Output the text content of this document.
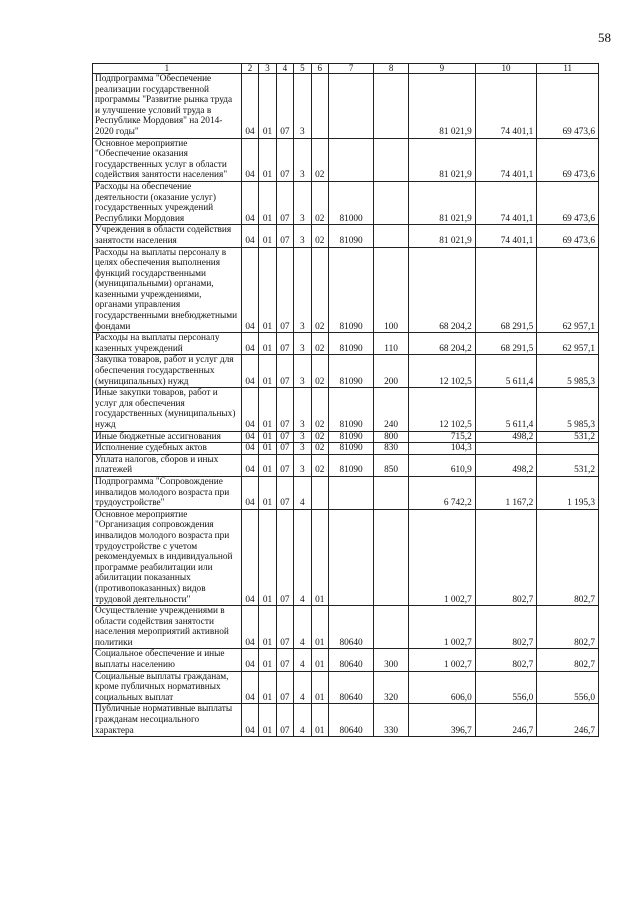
58
1	2	3	4	5	6	7	8	9	10	11
Подпрограмма "Обеспечение реализации государственной программы "Развитие рынка труда и улучшение условий труда в Республике Мордовия" на 2014-2020 годы"	04	01	07	3				81 021,9	74 401,1	69 473,6
Основное мероприятие "Обеспечение оказания государственных услуг в области содействия занятости населения"	04	01	07	3	02			81 021,9	74 401,1	69 473,6
Расходы на обеспечение деятельности (оказание услуг) государственных учреждений Республики Мордовия	04	01	07	3	02	81000		81 021,9	74 401,1	69 473,6
Учреждения в области содействия занятости населения	04	01	07	3	02	81090		81 021,9	74 401,1	69 473,6
Расходы на выплаты персоналу в целях обеспечения выполнения функций государственными (муниципальными) органами, казенными учреждениями, органами управления государственными внебюджетными фондами	04	01	07	3	02	81090	100	68 204,2	68 291,5	62 957,1
Расходы на выплаты персоналу казенных учреждений	04	01	07	3	02	81090	110	68 204,2	68 291,5	62 957,1
Закупка товаров, работ и услуг для обеспечения государственных (муниципальных) нужд	04	01	07	3	02	81090	200	12 102,5	5 611,4	5 985,3
Иные закупки товаров, работ и услуг для обеспечения государственных (муниципальных) нужд	04	01	07	3	02	81090	240	12 102,5	5 611,4	5 985,3
Иные бюджетные ассигнования	04	01	07	3	02	81090	800	715,2	498,2	531,2
Исполнение судебных актов	04	01	07	3	02	81090	830	104,3		
Уплата налогов, сборов и иных платежей	04	01	07	3	02	81090	850	610,9	498,2	531,2
Подпрограмма "Сопровождение инвалидов молодого возраста при трудоустройстве"	04	01	07	4				6 742,2	1 167,2	1 195,3
Основное мероприятие "Организация сопровождения инвалидов молодого возраста при трудоустройстве с учетом рекомендуемых в индивидуальной программе реабилитации или абилитации показанных (противопоказанных) видов трудовой деятельности"	04	01	07	4	01			1 002,7	802,7	802,7
Осуществление учреждениями в области содействия занятости населения мероприятий активной политики	04	01	07	4	01	80640		1 002,7	802,7	802,7
Социальное обеспечение и иные выплаты населению	04	01	07	4	01	80640	300	1 002,7	802,7	802,7
Социальные выплаты гражданам, кроме публичных нормативных социальных выплат	04	01	07	4	01	80640	320	606,0	556,0	556,0
Публичные нормативные выплаты гражданам несоциального характера	04	01	07	4	01	80640	330	396,7	246,7	246,7
